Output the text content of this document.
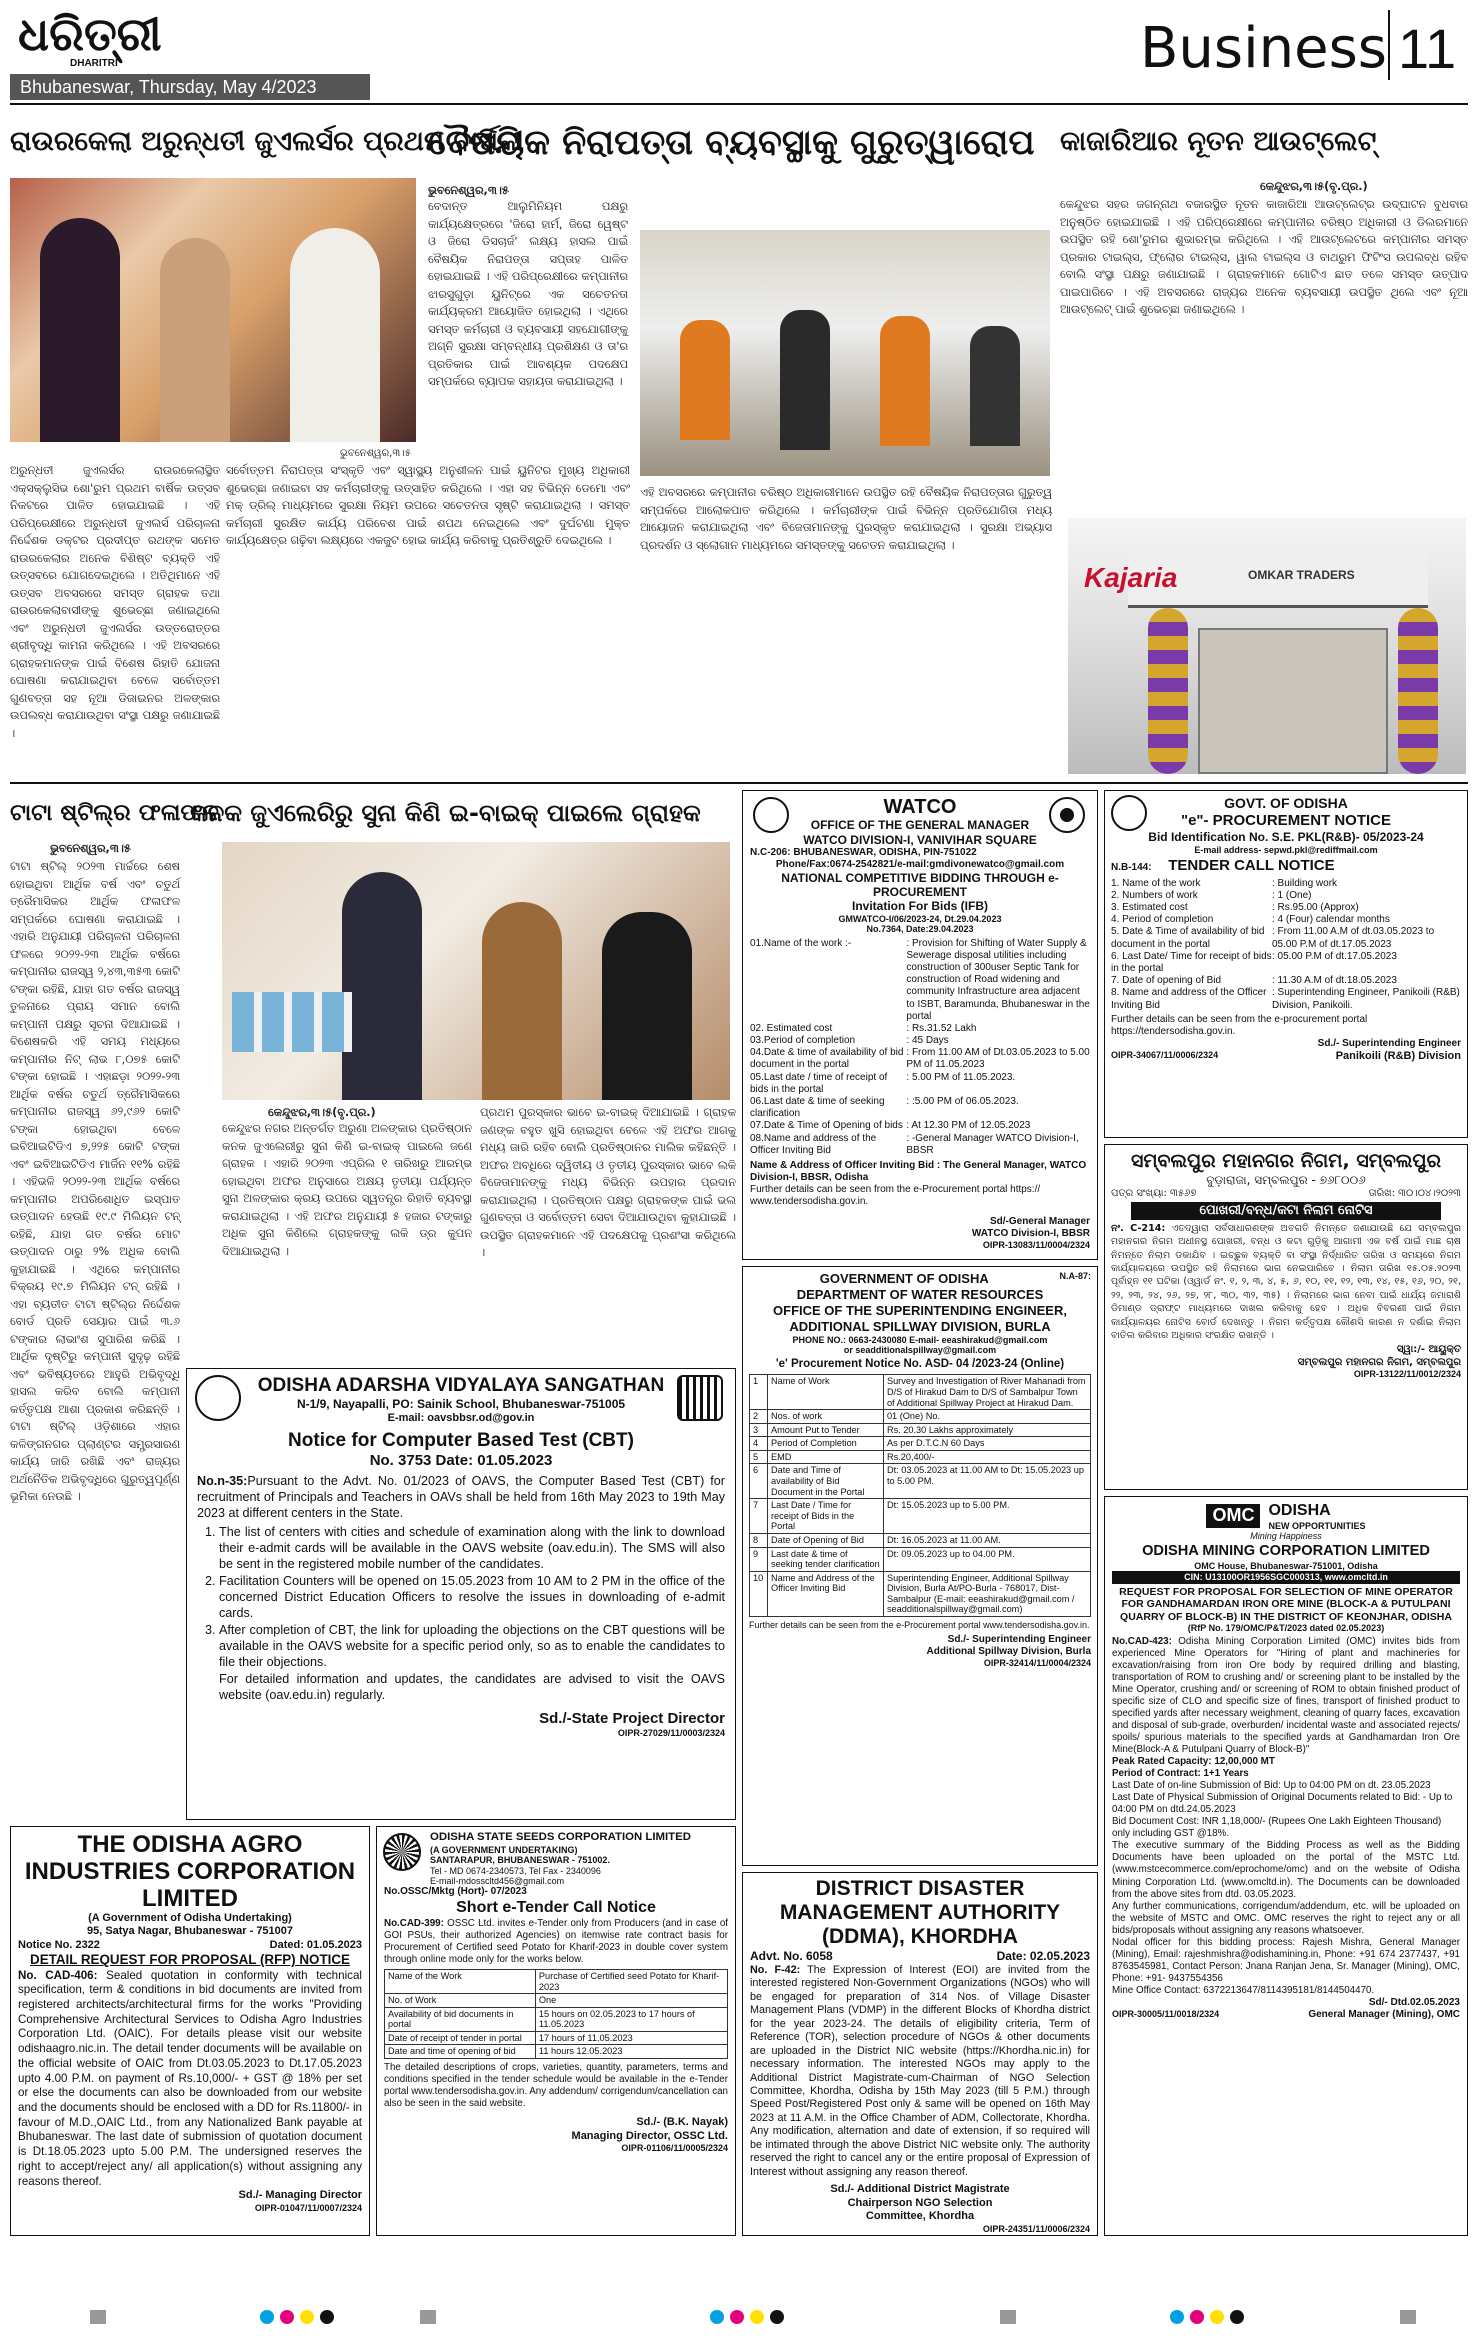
ଧରିତ୍ରୀ
DHARITRI
Bhubaneswar, Thursday, May 4/2023
Business 11
ରାଉରକେଲା ଅରୁନ୍ଧତୀ ଜୁଏଲର୍ସର ପ୍ରଥମ ବାର୍ଷିକୀ
ଅରୁନ୍ଧତୀ ଜୁଏଲର୍ସର ରାଉରକେଲାସ୍ଥିତ ଏକ୍ସକ୍ଲୁସିଭ ଶୋ'ରୁମ ପ୍ରଥମ ବାର୍ଷିକ ଉତ୍ସବ ନିକଟରେ ପାଳିତ ହୋଇଯାଇଛି । ଏହି ପରିପ୍ରେକ୍ଷୀରେ ଅରୁନ୍ଧତୀ ଜୁଏଲର୍ସ ପରିଚାଳନା ନିର୍ଦ୍ଦେଶକ ଡକ୍ଟର ପ୍ରଦୀପ୍ତ ରଥଙ୍କ ସମେତ ରାଉରକେଲାର ଅନେକ ବିଶିଷ୍ଟ ବ୍ୟକ୍ତି ଏହି ଉତ୍ସବରେ ଯୋଗଦେଇଥିଲେ । ଅତିଥିମାନେ ଏହି ଉତ୍ସବ ଅବସରରେ ସମସ୍ତ ଗ୍ରାହକ ତଥା ରାଉରକେଲାବାସୀଙ୍କୁ ଶୁଭେଚ୍ଛା ଜଣାଇଥିଲେ ଏବଂ ଅରୁନ୍ଧତୀ ଜୁଏଲର୍ସର ଉତ୍ତରୋତ୍ତର ଶ୍ରୀବୃଦ୍ଧି କାମନା କରିଥିଲେ । ଏହି ଅବସରରେ ଗ୍ରାହକମାନଙ୍କ ପାଇଁ ବିଶେଷ ରିହାତି ଯୋଜନା ଘୋଷଣା କରାଯାଇଥିବା ବେଳେ ସର୍ବୋତ୍ତମ ଗୁଣବତ୍ତା ସହ ନୂଆ ଡିଜାଇନର ଅଳଙ୍କାର ଉପଲବ୍ଧ କରାଯାଉଥିବା ସଂସ୍ଥା ପକ୍ଷରୁ ଜଣାଯାଇଛି ।
ଭୁବନେଶ୍ୱର,୩।୫
ବୈଷୟିକ ନିରାପତ୍ତା ବ୍ୟବସ୍ଥାକୁ ଗୁରୁତ୍ୱାରୋପ
ଭୁବନେଶ୍ୱର,୩।୫
ବେଦାନ୍ତ ଆଲୁମିନିୟମ ପକ୍ଷରୁ କାର୍ଯ୍ୟକ୍ଷେତ୍ରରେ 'ଜିରୋ ହାର୍ମ, ଜିରୋ ୱେଷ୍ଟ ଓ ଜିରୋ ଡିସଚାର୍ଜ' ଲକ୍ଷ୍ୟ ହାସଲ ପାଇଁ ବୈଷୟିକ ନିରାପତ୍ତା ସପ୍ତାହ ପାଳିତ ହୋଇଯାଇଛି । ଏହି ପରିପ୍ରେକ୍ଷୀରେ କମ୍ପାନୀର ଝାରସୁଗୁଡ଼ା ୟୁନିଟ୍‌ରେ ଏକ ସଚେତନତା କାର୍ଯ୍ୟକ୍ରମ ଆୟୋଜିତ ହୋଇଥିଲା । ଏଥିରେ ସମସ୍ତ କର୍ମଚାରୀ ଓ ବ୍ୟବସାୟୀ ସହଯୋଗୀଙ୍କୁ ଅଗ୍ନି ସୁରକ୍ଷା ସମ୍ବନ୍ଧୀୟ ପ୍ରଶିକ୍ଷଣ ଓ ତା'ର ପ୍ରତିକାର ପାଇଁ ଆବଶ୍ୟକ ପଦକ୍ଷେପ ସମ୍ପର୍କରେ ବ୍ୟାପକ ସହାୟତା କରାଯାଇଥିଲା ।
ସର୍ବୋତ୍ତମ ନିରାପତ୍ତା ସଂସ୍କୃତି ଏବଂ ସ୍ୱାସ୍ଥ୍ୟ ଅନୁଶୀଳନ ପାଇଁ ୟୁନିଟର ମୁଖ୍ୟ ଅଧିକାରୀ ଶୁଭେଚ୍ଛା ଜଣାଇବା ସହ କର୍ମଚାରୀଙ୍କୁ ଉତ୍ସାହିତ କରିଥିଲେ । ଏହା ସହ ବିଭିନ୍ନ ଡେମୋ ଏବଂ ମକ୍ ଡ୍ରିଲ୍ ମାଧ୍ୟମରେ ସୁରକ୍ଷା ନିୟମ ଉପରେ ସଚେତନତା ସୃଷ୍ଟି କରାଯାଇଥିଲା । ସମସ୍ତ କର୍ମଚାରୀ ସୁରକ୍ଷିତ କାର୍ଯ୍ୟ ପରିବେଶ ପାଇଁ ଶପଥ ନେଇଥିଲେ ଏବଂ ଦୁର୍ଘଟଣା ମୁକ୍ତ କାର୍ଯ୍ୟକ୍ଷେତ୍ର ଗଢ଼ିବା ଲକ୍ଷ୍ୟରେ ଏକଜୁଟ ହୋଇ କାର୍ଯ୍ୟ କରିବାକୁ ପ୍ରତିଶ୍ରୁତି ଦେଇଥିଲେ ।
ଏହି ଅବସରରେ କମ୍ପାନୀର ବରିଷ୍ଠ ଅଧିକାରୀମାନେ ଉପସ୍ଥିତ ରହି ବୈଷୟିକ ନିରାପତ୍ତାର ଗୁରୁତ୍ୱ ସମ୍ପର୍କରେ ଆଲୋକପାତ କରିଥିଲେ । କର୍ମଚାରୀଙ୍କ ପାଇଁ ବିଭିନ୍ନ ପ୍ରତିଯୋଗିତା ମଧ୍ୟ ଆୟୋଜନ କରାଯାଇଥିଲା ଏବଂ ବିଜେତାମାନଙ୍କୁ ପୁରସ୍କୃତ କରାଯାଇଥିଲା । ସୁରକ୍ଷା ଅଭ୍ୟାସ ପ୍ରଦର୍ଶନ ଓ ସ୍ଲୋଗାନ ମାଧ୍ୟମରେ ସମସ୍ତଙ୍କୁ ସଚେତନ କରାଯାଇଥିଲା ।
କାଜାରିଆର ନୂତନ ଆଉଟ୍‌ଲେଟ୍
କେନ୍ଦୁଝର,୩।୫(ବୃ.ପ୍ର.)
କେନ୍ଦୁଝର ସହର ଜଗନ୍ନାଥ ବଜାରସ୍ଥିତ ନୂତନ କାଜାରିଆ ଆଉଟ୍‌ଲେଟ୍‌ର ଉଦ୍‌ଘାଟନ ବୁଧବାର ଅନୁଷ୍ଠିତ ହୋଇଯାଇଛି । ଏହି ପରିପ୍ରେକ୍ଷୀରେ କମ୍ପାନୀର ବରିଷ୍ଠ ଅଧିକାରୀ ଓ ଡିଲରମାନେ ଉପସ୍ଥିତ ରହି ଶୋ'ରୁମର ଶୁଭାରମ୍ଭ କରିଥିଲେ । ଏହି ଆଉଟ୍‌ଲେଟରେ କମ୍ପାନୀର ସମସ୍ତ ପ୍ରକାର ଟାଇଲ୍ସ, ଫ୍ଲୋର ଟାଇଲ୍ସ, ୱାଲ ଟାଇଲ୍ସ ଓ ବାଥରୁମ ଫିଟିଂସ ଉପଲବ୍ଧ ରହିବ ବୋଲି ସଂସ୍ଥା ପକ୍ଷରୁ ଜଣାଯାଇଛି । ଗ୍ରାହକମାନେ ଗୋଟିଏ ଛାତ ତଳେ ସମସ୍ତ ଉତ୍ପାଦ ପାଇପାରିବେ । ଏହି ଅବସରରେ ରାଜ୍ୟର ଅନେକ ବ୍ୟବସାୟୀ ଉପସ୍ଥିତ ଥିଲେ ଏବଂ ନୂଆ ଆଉଟ୍‌ଲେଟ୍ ପାଇଁ ଶୁଭେଚ୍ଛା ଜଣାଇଥିଲେ ।
Kajaria	OMKAR TRADERS
ଟାଟା ଷ୍ଟିଲ୍‌ର ଫଳାଫଳ
ଭୁବନେଶ୍ୱର,୩।୫
ଟାଟା ଷ୍ଟିଲ୍ ୨୦୨୩ ମାର୍ଚ୍ଚରେ ଶେଷ ହୋଇଥିବା ଆର୍ଥିକ ବର୍ଷ ଏବଂ ଚତୁର୍ଥ ତ୍ରୈମାସିକର ଆର୍ଥିକ ଫଳାଫଳ ସମ୍ପର୍କରେ ଘୋଷଣା କରାଯାଇଛି । ଏହାରି ଅନୁଯାୟୀ ପରିଚାଳନା ପରିଚାଳନା ଫଳରେ ୨୦୨୨-୨୩ ଆର୍ଥିକ ବର୍ଷରେ କମ୍ପାନୀର ରାଜସ୍ୱ ୨,୪୩,୩୫୩ କୋଟି ଟଙ୍କା ରହିଛି, ଯାହା ଗତ ବର୍ଷର ରାଜସ୍ୱ ତୁଳନାରେ ପ୍ରାୟ ସମାନ ବୋଲି କମ୍ପାନୀ ପକ୍ଷରୁ ସୂଚନା ଦିଆଯାଇଛି । ବିଶେଷକରି ଏହି ସମୟ ମଧ୍ୟରେ କମ୍ପାନୀର ନିଟ୍ ଲାଭ ୮,୦୭୫ କୋଟି ଟଙ୍କା ହୋଇଛି । ଏହାଛଡ଼ା ୨୦୨୨-୨୩ ଆର୍ଥିକ ବର୍ଷର ଚତୁର୍ଥ ତ୍ରୈମାସିକରେ କମ୍ପାନୀର ରାଜସ୍ୱ ୬୨,୯୬୨ କୋଟି ଟଙ୍କା ହୋଇଥିବା ବେଳେ ଇବିଆଇଟିଡିଏ ୭,୨୨୫ କୋଟି ଟଙ୍କା ଏବଂ ଇବିଆଇଟିଡିଏ ମାର୍ଜିନ ୧୧% ରହିଛି । ଏହିଭଳି ୨୦୨୨-୨୩ ଆର୍ଥିକ ବର୍ଷରେ କମ୍ପାନୀର ଅପରିଶୋଧିତ ଇସ୍ପାତ ଉତ୍ପାଦନ ହେଉଛି ୧୯.୯ ମିଲିୟନ ଟନ୍ ରହିଛି, ଯାହା ଗତ ବର୍ଷର ମୋଟ ଉତ୍ପାଦନ ଠାରୁ ୨% ଅଧିକ ବୋଲି କୁହାଯାଇଛି । ଏଥିରେ କମ୍ପାନୀର ବିକ୍ରୟ ୧୯.୭ ମିଲିୟନ ଟନ୍ ରହିଛି । ଏହା ବ୍ୟତୀତ ଟାଟା ଷ୍ଟିଲ୍‌ର ନିର୍ଦ୍ଦେଶକ ବୋର୍ଡ ପ୍ରତି ସେୟାର ପାଇଁ ୩.୬ ଟଙ୍କାର ଲାଭାଂଶ ସୁପାରିଶ କରିଛି । ଆର୍ଥିକ ଦୃଷ୍ଟିରୁ କମ୍ପାନୀ ସୁଦୃଢ଼ ରହିଛି ଏବଂ ଭବିଷ୍ୟତରେ ଆହୁରି ଅଭିବୃଦ୍ଧି ହାସଲ କରିବ ବୋଲି କମ୍ପାନୀ କର୍ତ୍ତୃପକ୍ଷ ଆଶା ପ୍ରକାଶ କରିଛନ୍ତି । ଟାଟା ଷ୍ଟିଲ୍ ଓଡ଼ିଶାରେ ଏହାର କଳିଙ୍ଗନଗର ପ୍ଲାଣ୍ଟର ସମ୍ପ୍ରସାରଣ କାର୍ଯ୍ୟ ଜାରି ରଖିଛି ଏବଂ ରାଜ୍ୟର ଅର୍ଥନୈତିକ ଅଭିବୃଦ୍ଧିରେ ଗୁରୁତ୍ୱପୂର୍ଣ୍ଣ ଭୂମିକା ନେଉଛି ।
କନକ ଜୁଏଲେରିରୁ ସୁନା କିଣି ଇ-ବାଇକ୍ ପାଇଲେ ଗ୍ରାହକ
କେନ୍ଦୁଝର,୩।୫(ବୃ.ପ୍ର.)
କେନ୍ଦୁଝର ନଗର ଅନ୍ତର୍ଗତ ଅରୁଣା ଅଳଙ୍କାର ପ୍ରତିଷ୍ଠାନ କନକ ଜୁଏଲେରୀରୁ ସୁନା କିଣି ଇ-ବାଇକ୍ ପାଇଲେ ଜଣେ ଗ୍ରାହକ । ଏହାରି ୨୦୨୩ ଏପ୍ରିଲ ୧ ତାରିଖରୁ ଆରମ୍ଭ ହୋଇଥିବା ଅଫର ଅନୁସାରେ ଅକ୍ଷୟ ତୃତୀୟା ପର୍ଯ୍ୟନ୍ତ ସୁନା ଅଳଙ୍କାର କ୍ରୟ ଉପରେ ସ୍ୱତନ୍ତ୍ର ରିହାତି ବ୍ୟବସ୍ଥା କରାଯାଇଥିଲା । ଏହି ଅଫର ଅନୁଯାୟୀ ୫ ହଜାର ଟଙ୍କାରୁ ଅଧିକ ସୁନା କିଣିଲେ ଗ୍ରାହକଙ୍କୁ ଲକି ଡ୍ର କୁପନ ଦିଆଯାଇଥିଲା ।
ପ୍ରଥମ ପୁରସ୍କାର ଭାବେ ଇ-ବାଇକ୍ ଦିଆଯାଇଛି । ଗ୍ରାହକ ଜଣଙ୍କ ବହୁତ ଖୁସି ହୋଇଥିବା ବେଳେ ଏହି ଅଫର ଆଗକୁ ମଧ୍ୟ ଜାରି ରହିବ ବୋଲି ପ୍ରତିଷ୍ଠାନର ମାଲିକ କହିଛନ୍ତି । ଅଫର ଅବଧିରେ ଦ୍ୱିତୀୟ ଓ ତୃତୀୟ ପୁରସ୍କାର ଭାବେ ଲକି ବିଜେତାମାନଙ୍କୁ ମଧ୍ୟ ବିଭିନ୍ନ ଉପହାର ପ୍ରଦାନ କରାଯାଇଥିଲା । ପ୍ରତିଷ୍ଠାନ ପକ୍ଷରୁ ଗ୍ରାହକଙ୍କ ପାଇଁ ଭଲ ଗୁଣବତ୍ତା ଓ ସର୍ବୋତ୍ତମ ସେବା ଦିଆଯାଉଥିବା କୁହାଯାଇଛି । ଉପସ୍ଥିତ ଗ୍ରାହକମାନେ ଏହି ପଦକ୍ଷେପକୁ ପ୍ରଶଂସା କରିଥିଲେ ।
WATCO
OFFICE OF THE GENERAL MANAGER
WATCO DIVISION-I, VANIVIHAR SQUARE
N.C-206: BHUBANESWAR, ODISHA, PIN-751022
Phone/Fax:0674-2542821/e-mail:gmdivonewatco@gmail.com
NATIONAL COMPETITIVE BIDDING THROUGH e-PROCUREMENT
Invitation For Bids (IFB)
GMWATCO-I/06/2023-24, Dt.29.04.2023
No.7364, Date:29.04.2023
01.Name of the work :-	: Provision for Shifting of Water Supply & Sewerage disposal utilities including construction of 300user Septic Tank for construction of Road widening and community Infrastructure area adjacent to ISBT, Baramunda, Bhubaneswar in the portal
02. Estimated cost	: Rs.31.52 Lakh
03.Period of completion	: 45 Days
04.Date & time of availability of bid document in the portal
: From 11.00 AM of Dt.03.05.2023 to 5.00 PM of 11.05.2023
05.Last date / time of receipt of bids in the portal
: 5.00 PM of 11.05.2023.
06.Last date & time of seeking clarification
: :5.00 PM of 06.05.2023.
07.Date & Time of Opening of bids : At 12.30 PM of 12.05.2023
08.Name and address of the Officer Inviting Bid
: -General Manager WATCO Division-I, BBSR
Name & Address of Officer Inviting Bid : The General Manager, WATCO Division-I, BBSR, Odisha
Further details can be seen from the e-Procurement portal https:// www.tendersodisha.gov.in.
Sd/-General Manager
WATCO Division-I, BBSR
OIPR-13083/11/0004/2324
GOVT. OF ODISHA
"e"- PROCUREMENT NOTICE
Bid Identification No. S.E. PKL(R&B)- 05/2023-24
E-mail address- sepwd.pkl@rediffmail.com
N.B-144: TENDER CALL NOTICE
1. Name of the work	: Building work
2. Numbers of work	: 1 (One)
3. Estimated cost	: Rs.95.00 (Approx)
4. Period of completion	: 4 (Four) calendar months
5. Date & Time of availability of bid document in the portal
: From 11.00 A.M of dt.03.05.2023 to 05.00 P.M of dt.17.05.2023
6. Last Date/ Time for receipt of bids in the portal
: 05.00 P.M of dt.17.05.2023
7. Date of opening of Bid	: 11.30 A.M of dt.18.05.2023
8. Name and address of the Officer Inviting Bid
: Superintending Engineer, Panikoili (R&B) Division, Panikoili.
Further details can be seen from the e-procurement portal https://tendersodisha.gov.in.
Sd./- Superintending Engineer
OIPR-34067/11/0006/2324	Panikoili (R&B) Division
ସମ୍ବଲପୁର ମହାନଗର ନିଗମ, ସମ୍ବଲପୁର
ବୁଡ଼ାରାଜା, ସମ୍ବଲପୁର - ୭୬୮୦୦୬
ପତ୍ର ସଂଖ୍ୟା: ୩୫୬୭	ତାରିଖ: ୩୦।୦୪।୨୦୨୩
ପୋଖରୀ/ବନ୍ଧ/କଟା ନିଲାମ ନୋଟିସ
ନଂ. C-214: ଏତଦ୍ୱାରା ସର୍ବସାଧାରଣଙ୍କ ଅବଗତି ନିମନ୍ତେ ଜଣାଯାଉଛି ଯେ ସମ୍ବଲପୁର ମହାନଗର ନିଗମ ଅଧୀନସ୍ଥ ପୋଖରୀ, ବନ୍ଧ ଓ କଟା ଗୁଡ଼ିକୁ ଆଗାମୀ ଏକ ବର୍ଷ ପାଇଁ ମାଛ ଚାଷ ନିମନ୍ତେ ନିଲାମ ଡକାଯିବ । ଇଚ୍ଛୁକ ବ୍ୟକ୍ତି ବା ସଂସ୍ଥା ନିର୍ଦ୍ଧାରିତ ତାରିଖ ଓ ସମୟରେ ନିଗମ କାର୍ଯ୍ୟାଳୟରେ ଉପସ୍ଥିତ ରହି ନିଲାମରେ ଭାଗ ନେଇପାରିବେ । ନିଲାମ ତାରିଖ ୧୫.୦୫.୨୦୨୩ ପୂର୍ବାହ୍ନ ୧୧ ଘଟିକା (ଓ୍ୱାର୍ଡ ନଂ. ୧, ୨, ୩, ୪, ୫, ୬, ୧୦, ୧୧, ୧୨, ୧୩, ୧୪, ୧୫, ୧୬, ୨୦, ୨୧, ୨୨, ୨୩, ୨୪, ୨୬, ୨୭, ୨୮, ୩୦, ୩୨, ୩୫) । ନିଲାମରେ ଭାଗ ନେବା ପାଇଁ ଧାର୍ଯ୍ୟ ଜମାରାଶି ଡିମାଣ୍ଡ ଡ୍ରାଫ୍ଟ ମାଧ୍ୟମରେ ଦାଖଲ କରିବାକୁ ହେବ । ଅଧିକ ବିବରଣୀ ପାଇଁ ନିଗମ କାର୍ଯ୍ୟାଳୟର ନୋଟିସ ବୋର୍ଡ ଦେଖନ୍ତୁ । ନିଗମ କର୍ତ୍ତୃପକ୍ଷ କୌଣସି କାରଣ ନ ଦର୍ଶାଇ ନିଲାମ ବାତିଲ କରିବାର ଅଧିକାର ସଂରକ୍ଷିତ ରଖନ୍ତି ।
ସ୍ୱା:/- ଆୟୁକ୍ତ
ସମ୍ବଲପୁର ମହାନଗର ନିଗମ, ସମ୍ବଲପୁର
OIPR-13122/11/0012/2324
GOVERNMENT OF ODISHA	N.A-87:
DEPARTMENT OF WATER RESOURCES
OFFICE OF THE SUPERINTENDING ENGINEER, ADDITIONAL SPILLWAY DIVISION, BURLA
PHONE NO.: 0663-2430080 E-mail- eeashirakud@gmail.com
or seadditionalspillway@gmail.com
'e' Procurement Notice No. ASD- 04 /2023-24 (Online)
1	Name of Work	Survey and Investigation of River Mahanadi from D/S of Hirakud Dam to D/S of Sambalpur Town of Additional Spillway Project at Hirakud Dam.
2	Nos. of work	01 (One) No.
3	Amount Put to Tender	Rs. 20.30 Lakhs approximately
4	Period of Completion	As per D.T.C.N 60 Days
5	EMD	Rs.20,400/-
6	Date and Time of availability of Bid Document in the Portal	Dt: 03.05.2023 at 11.00 AM to Dt: 15.05.2023 up to 5.00 PM.
7	Last Date / Time for receipt of Bids in the Portal	Dt: 15.05.2023 up to 5.00 PM.
8	Date of Opening of Bid	Dt: 16.05.2023 at 11.00 AM.
9	Last date & time of seeking tender clarification	Dt: 09.05.2023 up to 04.00 PM.
10	Name and Address of the Officer Inviting Bid	Superintending Engineer, Additional Spillway Division, Burla At/PO-Burla - 768017, Dist-Sambalpur (E-mail: eeashirakud@gmail.com / seadditionalspillway@gmail.com)
Further details can be seen from the e-Procurement portal www.tendersodisha.gov.in.
Sd./- Superintending Engineer
Additional Spillway Division, Burla
OIPR-32414/11/0004/2324
ODISHA ADARSHA VIDYALAYA SANGATHAN
N-1/9, Nayapalli, PO: Sainik School, Bhubaneswar-751005
E-mail: oavsbbsr.od@gov.in
Notice for Computer Based Test (CBT)
No. 3753 Date: 01.05.2023
No.n-35:Pursuant to the Advt. No. 01/2023 of OAVS, the Computer Based Test (CBT) for recruitment of Principals and Teachers in OAVs shall be held from 16th May 2023 to 19th May 2023 at different centers in the State.
1. The list of centers with cities and schedule of examination along with the link to download their e-admit cards will be available in the OAVS website (oav.edu.in). The SMS will also be sent in the registered mobile number of the candidates.
2. Facilitation Counters will be opened on 15.05.2023 from 10 AM to 2 PM in the office of the concerned District Education Officers to resolve the issues in downloading of e-admit cards.
3. After completion of CBT, the link for uploading the objections on the CBT questions will be available in the OAVS website for a specific period only, so as to enable the candidates to file their objections.
For detailed information and updates, the candidates are advised to visit the OAVS website (oav.edu.in) regularly.
Sd./-State Project Director
OIPR-27029/11/0003/2324
OMC ODISHA
NEW OPPORTUNITIES
Mining Happiness
ODISHA MINING CORPORATION LIMITED
OMC House, Bhubaneswar-751001, Odisha
CIN: U13100OR1956SGC000313, www.omcltd.in
REQUEST FOR PROPOSAL FOR SELECTION OF MINE OPERATOR FOR GANDHAMARDAN IRON ORE MINE (BLOCK-A & PUTULPANI QUARRY OF BLOCK-B) IN THE DISTRICT OF KEONJHAR, ODISHA
(RfP No. 179/OMC/P&T/2023 dated 02.05.2023)
No.CAD-423: Odisha Mining Corporation Limited (OMC) invites bids from experienced Mine Operators for "Hiring of plant and machineries for excavation/raising from iron Ore body by required drilling and blasting, transportation of ROM to crushing and/ or screening plant to be installed by the Mine Operator, crushing and/ or screening of ROM to obtain finished product of specific size of CLO and specific size of fines, transport of finished product to specified yards after necessary weighment, cleaning of quarry faces, excavation and disposal of sub-grade, overburden/ incidental waste and associated rejects/ spoils/ spurious materials to the specified yards at Gandhamardan Iron Ore Mine(Block-A & Putulpani Quarry of Block-B)"
Peak Rated Capacity: 12,00,000 MT
Period of Contract: 1+1 Years
Last Date of on-line Submission of Bid: Up to 04:00 PM on dt. 23.05.2023
Last Date of Physical Submission of Original Documents related to Bid: - Up to 04:00 PM on dtd.24.05.2023
Bid Document Cost: INR 1,18,000/- (Rupees One Lakh Eighteen Thousand) only including GST @18%.
The executive summary of the Bidding Process as well as the Bidding Documents have been uploaded on the portal of the MSTC Ltd. (www.mstcecommerce.com/eprochome/omc) and on the website of Odisha Mining Corporation Ltd. (www.omcltd.in). The Documents can be downloaded from the above sites from dtd. 03.05.2023.
Any further communications, corrigendum/addendum, etc. will be uploaded on the website of MSTC and OMC. OMC reserves the right to reject any or all bids/proposals without assigning any reasons whatsoever.
Nodal officer for this bidding process: Rajesh Mishra, General Manager (Mining), Email: rajeshmishra@odishamining.in, Phone: +91 674 2377437, +91 8763545981, Contact Person: Jnana Ranjan Jena, Sr. Manager (Mining), OMC, Phone: +91- 9437554356
Mine Office Contact: 6372213647/8114395181/8144504470.
Sd/- Dtd.02.05.2023
OIPR-30005/11/0018/2324	General Manager (Mining), OMC
THE ODISHA AGRO INDUSTRIES CORPORATION LIMITED
(A Government of Odisha Undertaking)
95, Satya Nagar, Bhubaneswar - 751007
Notice No. 2322	Dated: 01.05.2023
DETAIL REQUEST FOR PROPOSAL (RFP) NOTICE
No. CAD-406: Sealed quotation in conformity with technical specification, term & conditions in bid documents are invited from registered architects/architectural firms for the works "Providing Comprehensive Architectural Services to Odisha Agro Industries Corporation Ltd. (OAIC). For details please visit our website odishaagro.nic.in. The detail tender documents will be available on the official website of OAIC from Dt.03.05.2023 to Dt.17.05.2023 upto 4.00 P.M. on payment of Rs.10,000/- + GST @ 18% per set or else the documents can also be downloaded from our website and the documents should be enclosed with a DD for Rs.11800/- in favour of M.D.,OAIC Ltd., from any Nationalized Bank payable at Bhubaneswar. The last date of submission of quotation document is Dt.18.05.2023 upto 5.00 P.M. The undersigned reserves the right to accept/reject any/ all application(s) without assigning any reasons thereof.
Sd./- Managing Director
OIPR-01047/11/0007/2324
ODISHA STATE SEEDS CORPORATION LIMITED
(A GOVERNMENT UNDERTAKING)
SANTARAPUR, BHUBANESWAR - 751002.
Tel - MD 0674-2340573, Tel Fax - 2340096
E-mail-mdosscltd456@gmail.com
No.OSSC/Mktg (Hort)- 07/2023
Short e-Tender Call Notice
No.CAD-399: OSSC Ltd. invites e-Tender only from Producers (and in case of GOI PSUs, their authorized Agencies) on itemwise rate contract basis for Procurement of Certified seed Potato for Kharif-2023 in double cover system through online mode only for the works below.
Name of the Work	Purchase of Certified seed Potato for Kharif-2023
No. of Work	One
Availability of bid documents in portal	15 hours on 02.05.2023 to 17 hours of 11.05.2023
Date of receipt of tender in portal	17 hours of 11.05.2023
Date and time of opening of bid	11 hours 12.05.2023
The detailed descriptions of crops, varieties, quantity, parameters, terms and conditions specified in the tender schedule would be available in the e-Tender portal www.tendersodisha.gov.in. Any addendum/ corrigendum/cancellation can also be seen in the said website.
Sd./- (B.K. Nayak)
Managing Director, OSSC Ltd.
OIPR-01106/11/0005/2324
DISTRICT DISASTER MANAGEMENT AUTHORITY (DDMA), KHORDHA
Advt. No. 6058	Date: 02.05.2023
No. F-42: The Expression of Interest (EOI) are invited from the interested registered Non-Government Organizations (NGOs) who will be engaged for preparation of 314 Nos. of Village Disaster Management Plans (VDMP) in the different Blocks of Khordha district for the year 2023-24. The details of eligibility criteria, Term of Reference (TOR), selection procedure of NGOs & other documents are uploaded in the District NIC website (https://Khordha.nic.in) for necessary information. The interested NGOs may apply to the Additional District Magistrate-cum-Chairman of NGO Selection Committee, Khordha, Odisha by 15th May 2023 (till 5 P.M.) through Speed Post/Registered Post only & same will be opened on 16th May 2023 at 11 A.M. in the Office Chamber of ADM, Collectorate, Khordha. Any modification, alternation and date of extension, if so required will be intimated through the above District NIC website only. The authority reserved the right to cancel any or the entire proposal of Expression of Interest without assigning any reason thereof.
Sd./- Additional District Magistrate
Chairperson NGO Selection
Committee, Khordha
OIPR-24351/11/0006/2324
